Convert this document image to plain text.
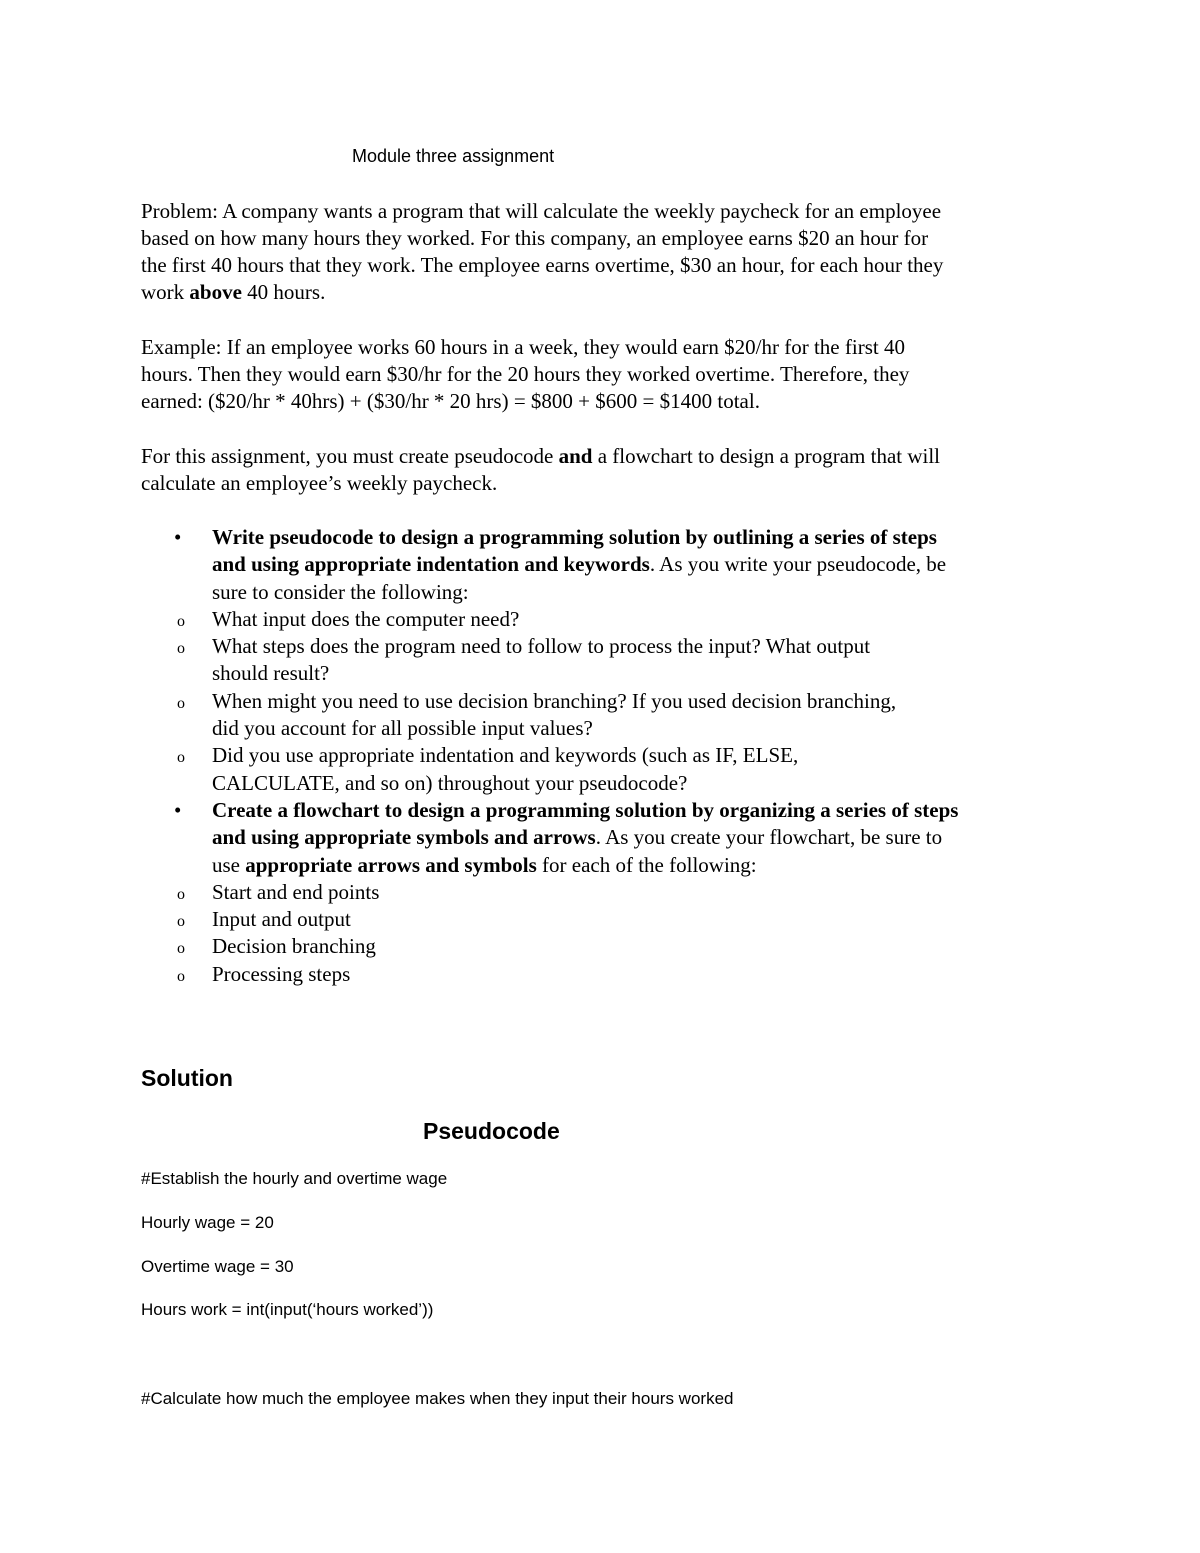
Module three assignment
Problem: A company wants a program that will calculate the weekly paycheck for an employee
based on how many hours they worked. For this company, an employee earns $20 an hour for
the first 40 hours that they work. The employee earns overtime, $30 an hour, for each hour they
work above 40 hours.
Example: If an employee works 60 hours in a week, they would earn $20/hr for the first 40
hours. Then they would earn $30/hr for the 20 hours they worked overtime. Therefore, they
earned: ($20/hr * 40hrs) + ($30/hr * 20 hrs) = $800 + $600 = $1400 total.
For this assignment, you must create pseudocode and a flowchart to design a program that will
calculate an employee’s weekly paycheck.
• Write pseudocode to design a programming solution by outlining a series of steps
and using appropriate indentation and keywords. As you write your pseudocode, be
sure to consider the following:
o What input does the computer need?
o What steps does the program need to follow to process the input? What output
should result?
o When might you need to use decision branching? If you used decision branching,
did you account for all possible input values?
o Did you use appropriate indentation and keywords (such as IF, ELSE,
CALCULATE, and so on) throughout your pseudocode?
• Create a flowchart to design a programming solution by organizing a series of steps
and using appropriate symbols and arrows. As you create your flowchart, be sure to
use appropriate arrows and symbols for each of the following:
o Start and end points
o Input and output
o Decision branching
o Processing steps
Solution
Pseudocode
#Establish the hourly and overtime wage
Hourly wage = 20
Overtime wage = 30
Hours work = int(input(‘hours worked’))
#Calculate how much the employee makes when they input their hours worked
